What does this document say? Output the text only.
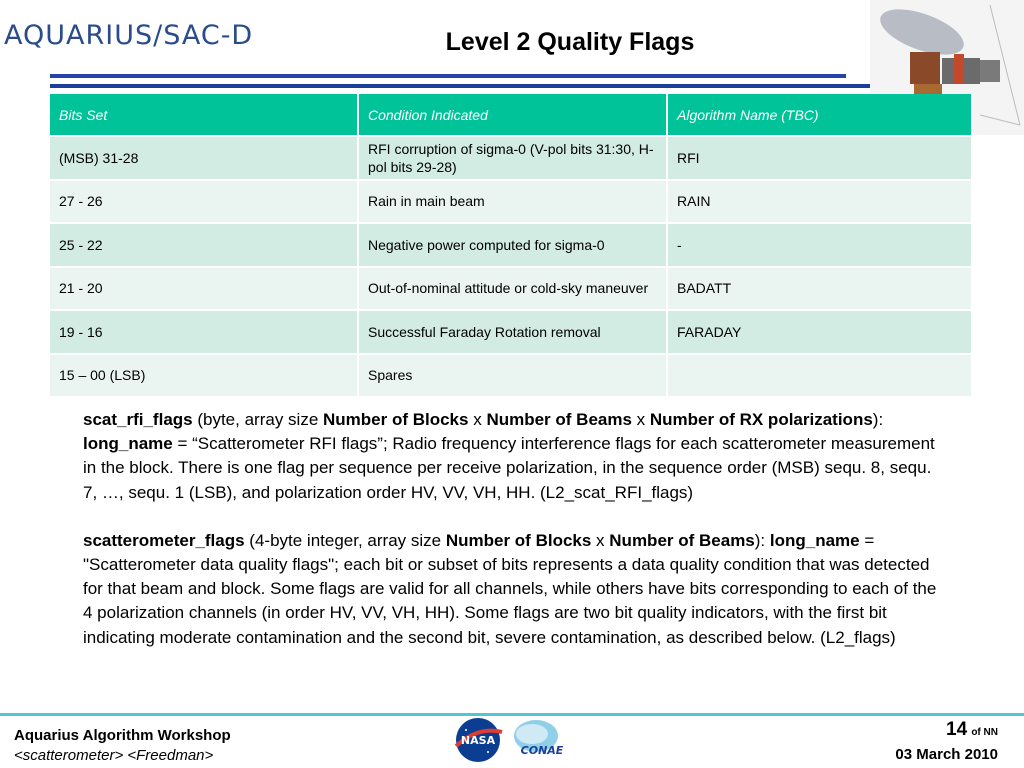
AQUARIUS/SAC-D	Level 2 Quality Flags
Bits Set	Condition Indicated	Algorithm Name (TBC)
(MSB) 31-28	RFI corruption of sigma-0 (V-pol bits 31:30, H-pol bits 29-28)	RFI
27 - 26	Rain in main beam	RAIN
25 - 22	Negative power computed for sigma-0	-
21 - 20	Out-of-nominal attitude or cold-sky maneuver	BADATT
19 - 16	Successful Faraday Rotation removal	FARADAY
15 – 00 (LSB)	Spares	

scat_rfi_flags (byte, array size Number of Blocks x Number of Beams x Number of RX polarizations): long_name = “Scatterometer RFI flags”; Radio frequency interference flags for each scatterometer measurement in the block. There is one flag per sequence per receive polarization, in the sequence order (MSB) sequ. 8, sequ. 7, …, sequ. 1 (LSB), and polarization order HV, VV, VH, HH. (L2_scat_RFI_flags)

scatterometer_flags (4-byte integer, array size Number of Blocks x Number of Beams): long_name = "Scatterometer data quality flags"; each bit or subset of bits represents a data quality condition that was detected for that beam and block. Some flags are valid for all channels, while others have bits corresponding to each of the 4 polarization channels (in order HV, VV, VH, HH). Some flags are two bit quality indicators, with the first bit indicating moderate contamination and the second bit, severe contamination, as described below. (L2_flags)

Aquarius Algorithm Workshop
<scatterometer> <Freedman>
NASA
CONAE
14 of NN
03 March 2010
